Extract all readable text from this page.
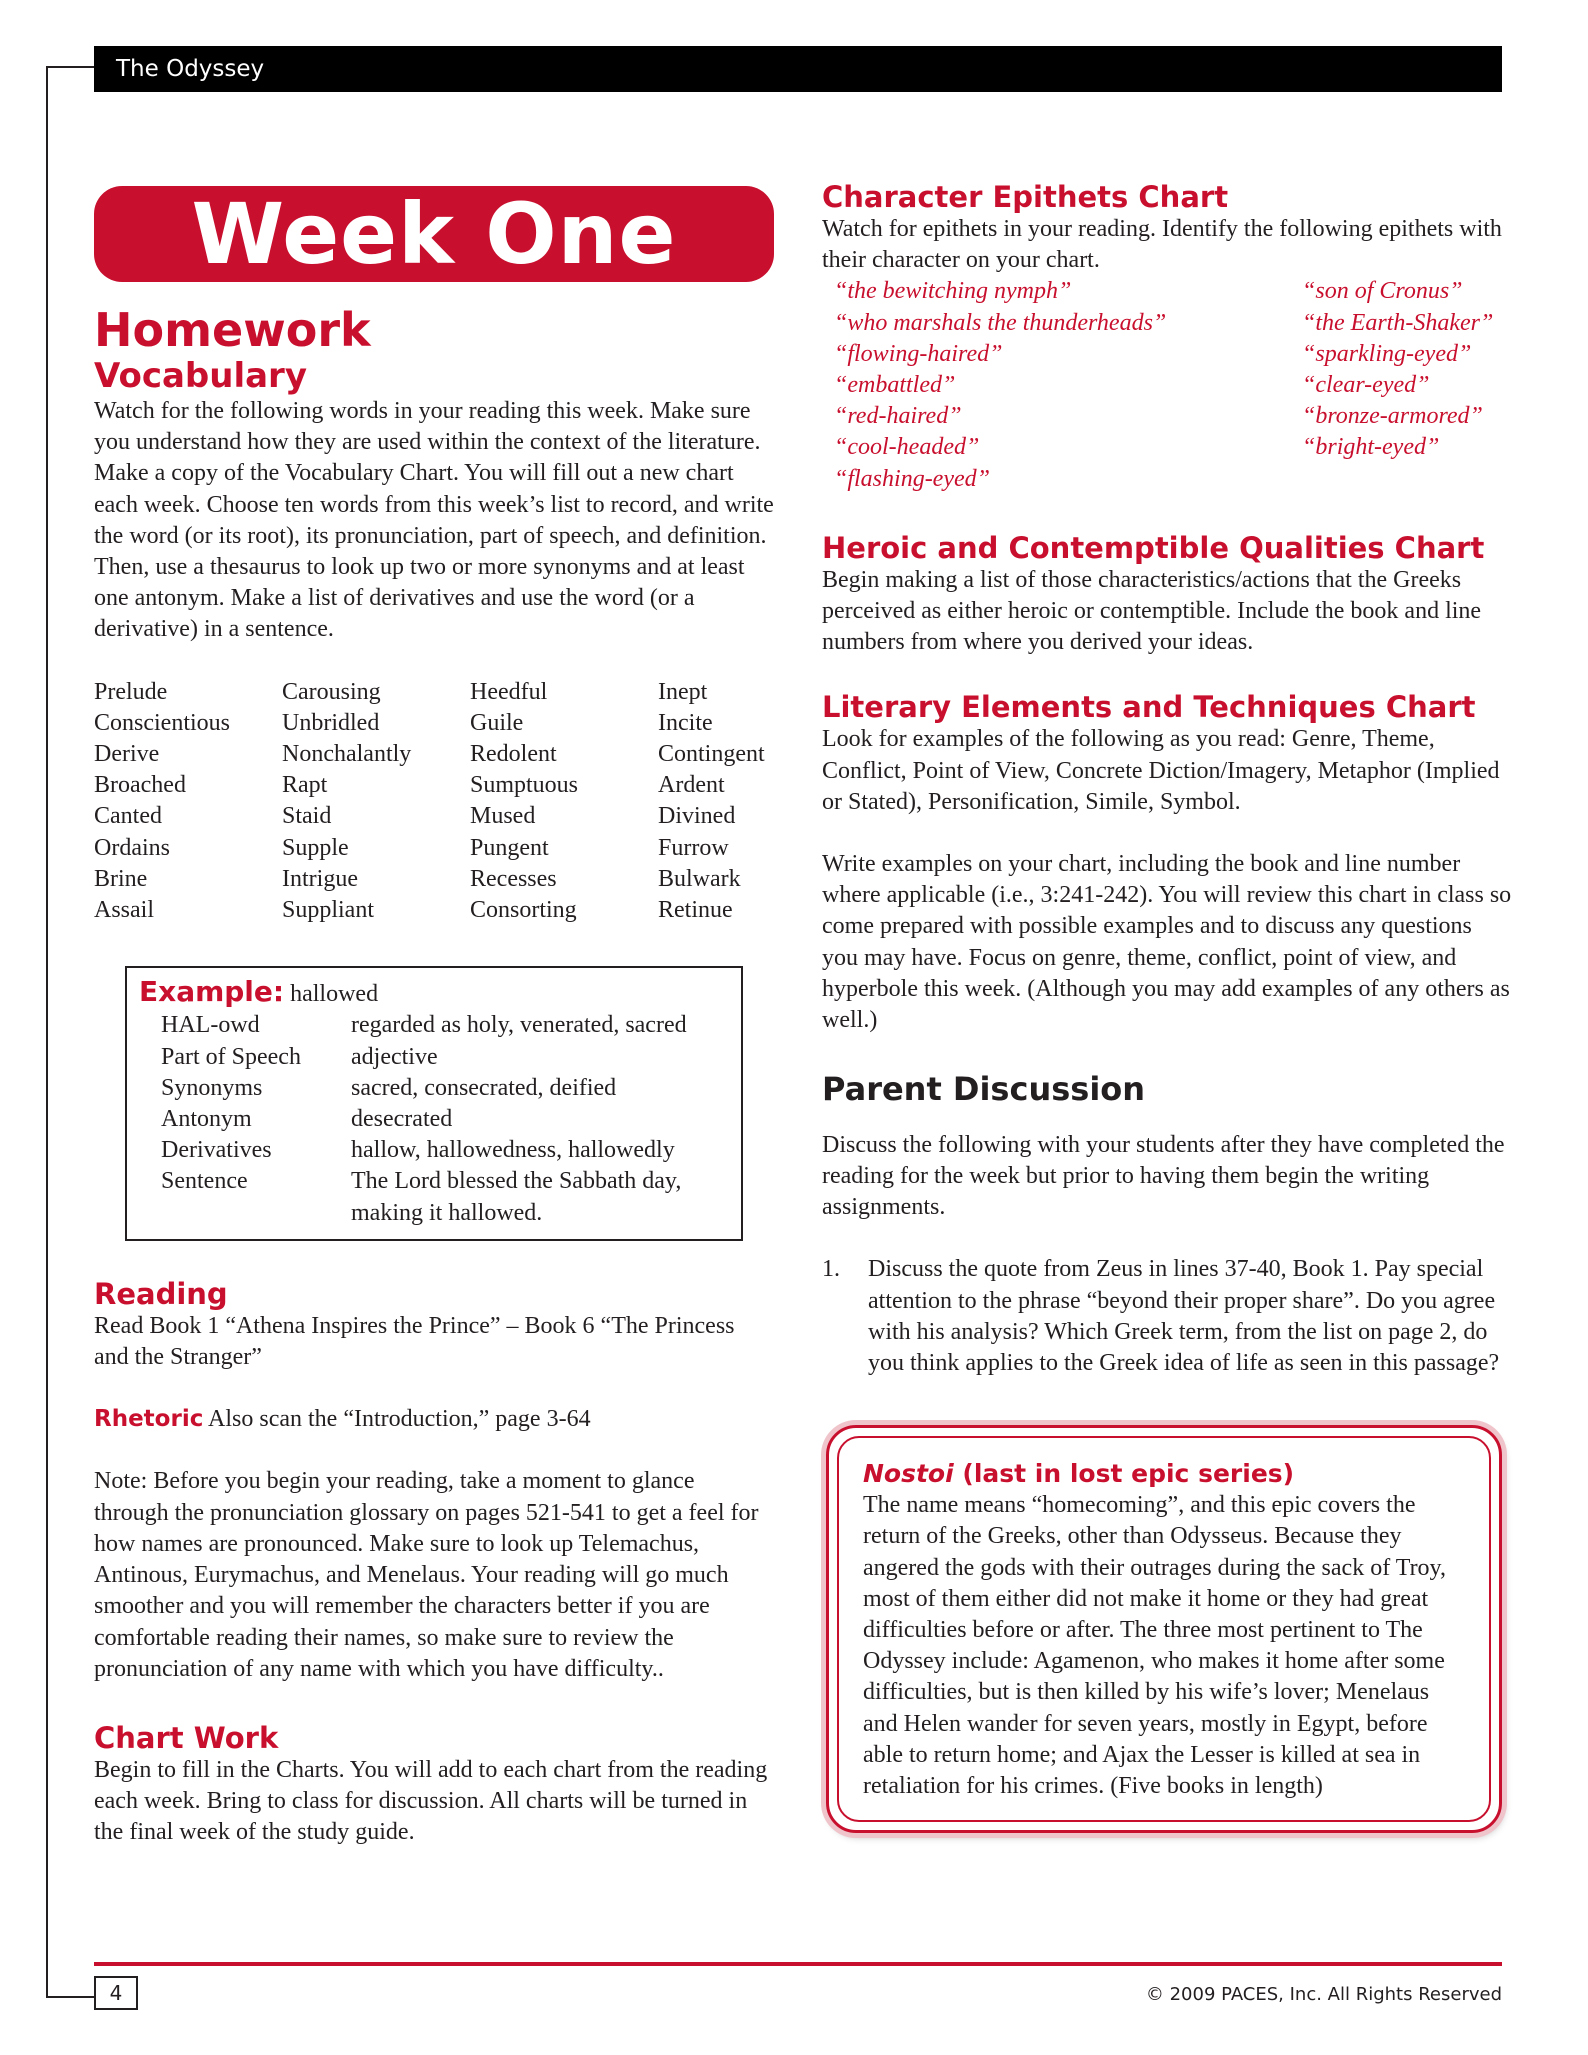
The Odyssey
Week One
Homework
Vocabulary

Watch for the following words in your reading this week. Make sure you understand how they are used within the context of the literature. Make a copy of the Vocabulary Chart. You will fill out a new chart each week. Choose ten words from this week’s list to record, and write the word (or its root), its pronunciation, part of speech, and definition. Then, use a thesaurus to look up two or more synonyms and at least one antonym. Make a list of derivatives and use the word (or a derivative) in a sentence.

Prelude
Conscientious
Derive
Broached
Canted
Ordains
Brine
Assail
Carousing
Unbridled
Nonchalantly
Rapt
Staid
Supple
Intrigue
Suppliant
Heedful
Guile
Redolent
Sumptuous
Mused
Pungent
Recesses
Consorting
Inept
Incite
Contingent
Ardent
Divined
Furrow
Bulwark
Retinue
Example: hallowed
HAL-owd	regarded as holy, venerated, sacred
Part of Speech	adjective
Synonyms	sacred, consecrated, deified
Antonym	desecrated
Derivatives	hallow, hallowedness, hallowedly
Sentence	The Lord blessed the Sabbath day, making it hallowed.
Reading

Read Book 1 “Athena Inspires the Prince” – Book 6 “The Princess and the Stranger”

Rhetoric Also scan the “Introduction,” page 3-64

Note: Before you begin your reading, take a moment to glance through the pronunciation glossary on pages 521-541 to get a feel for how names are pronounced. Make sure to look up Telemachus, Antinous, Eurymachus, and Menelaus. Your reading will go much smoother and you will remember the characters better if you are comfortable reading their names, so make sure to review the pronunciation of any name with which you have difficulty..

Chart Work

Begin to fill in the Charts. You will add to each chart from the reading each week. Bring to class for discussion. All charts will be turned in the final week of the study guide.

Character Epithets Chart

Watch for epithets in your reading. Identify the following epithets with their character on your chart.

“the bewitching nymph”	“son of Cronus”
“who marshals the thunderheads”	“the Earth-Shaker”
“flowing-haired”	“sparkling-eyed”
“embattled”	“clear-eyed”
“red-haired”	“bronze-armored”
“cool-headed”	“bright-eyed”
“flashing-eyed”
Heroic and Contemptible Qualities Chart

Begin making a list of those characteristics/actions that the Greeks perceived as either heroic or contemptible. Include the book and line numbers from where you derived your ideas.

Literary Elements and Techniques Chart

Look for examples of the following as you read: Genre, Theme, Conflict, Point of View, Concrete Diction/Imagery, Metaphor (Implied or Stated), Personification, Simile, Symbol.

Write examples on your chart, including the book and line number where applicable (i.e., 3:241-242). You will review this chart in class so come prepared with possible examples and to discuss any questions you may have. Focus on genre, theme, conflict, point of view, and hyperbole this week. (Although you may add examples of any others as well.)

Parent Discussion

Discuss the following with your students after they have completed the reading for the week but prior to having them begin the writing assignments.

1.	Discuss the quote from Zeus in lines 37-40, Book 1. Pay special attention to the phrase “beyond their proper share”. Do you agree with his analysis? Which Greek term, from the list on page 2, do you think applies to the Greek idea of life as seen in this passage?
Nostoi (last in lost epic series)

The name means “homecoming”, and this epic covers the return of the Greeks, other than Odysseus. Because they angered the gods with their outrages during the sack of Troy, most of them either did not make it home or they had great difficulties before or after. The three most pertinent to The Odyssey include: Agamenon, who makes it home after some difficulties, but is then killed by his wife’s lover; Menelaus and Helen wander for seven years, mostly in Egypt, before able to return home; and Ajax the Lesser is killed at sea in retaliation for his crimes. (Five books in length)

4	© 2009 PACES, Inc. All Rights Reserved
